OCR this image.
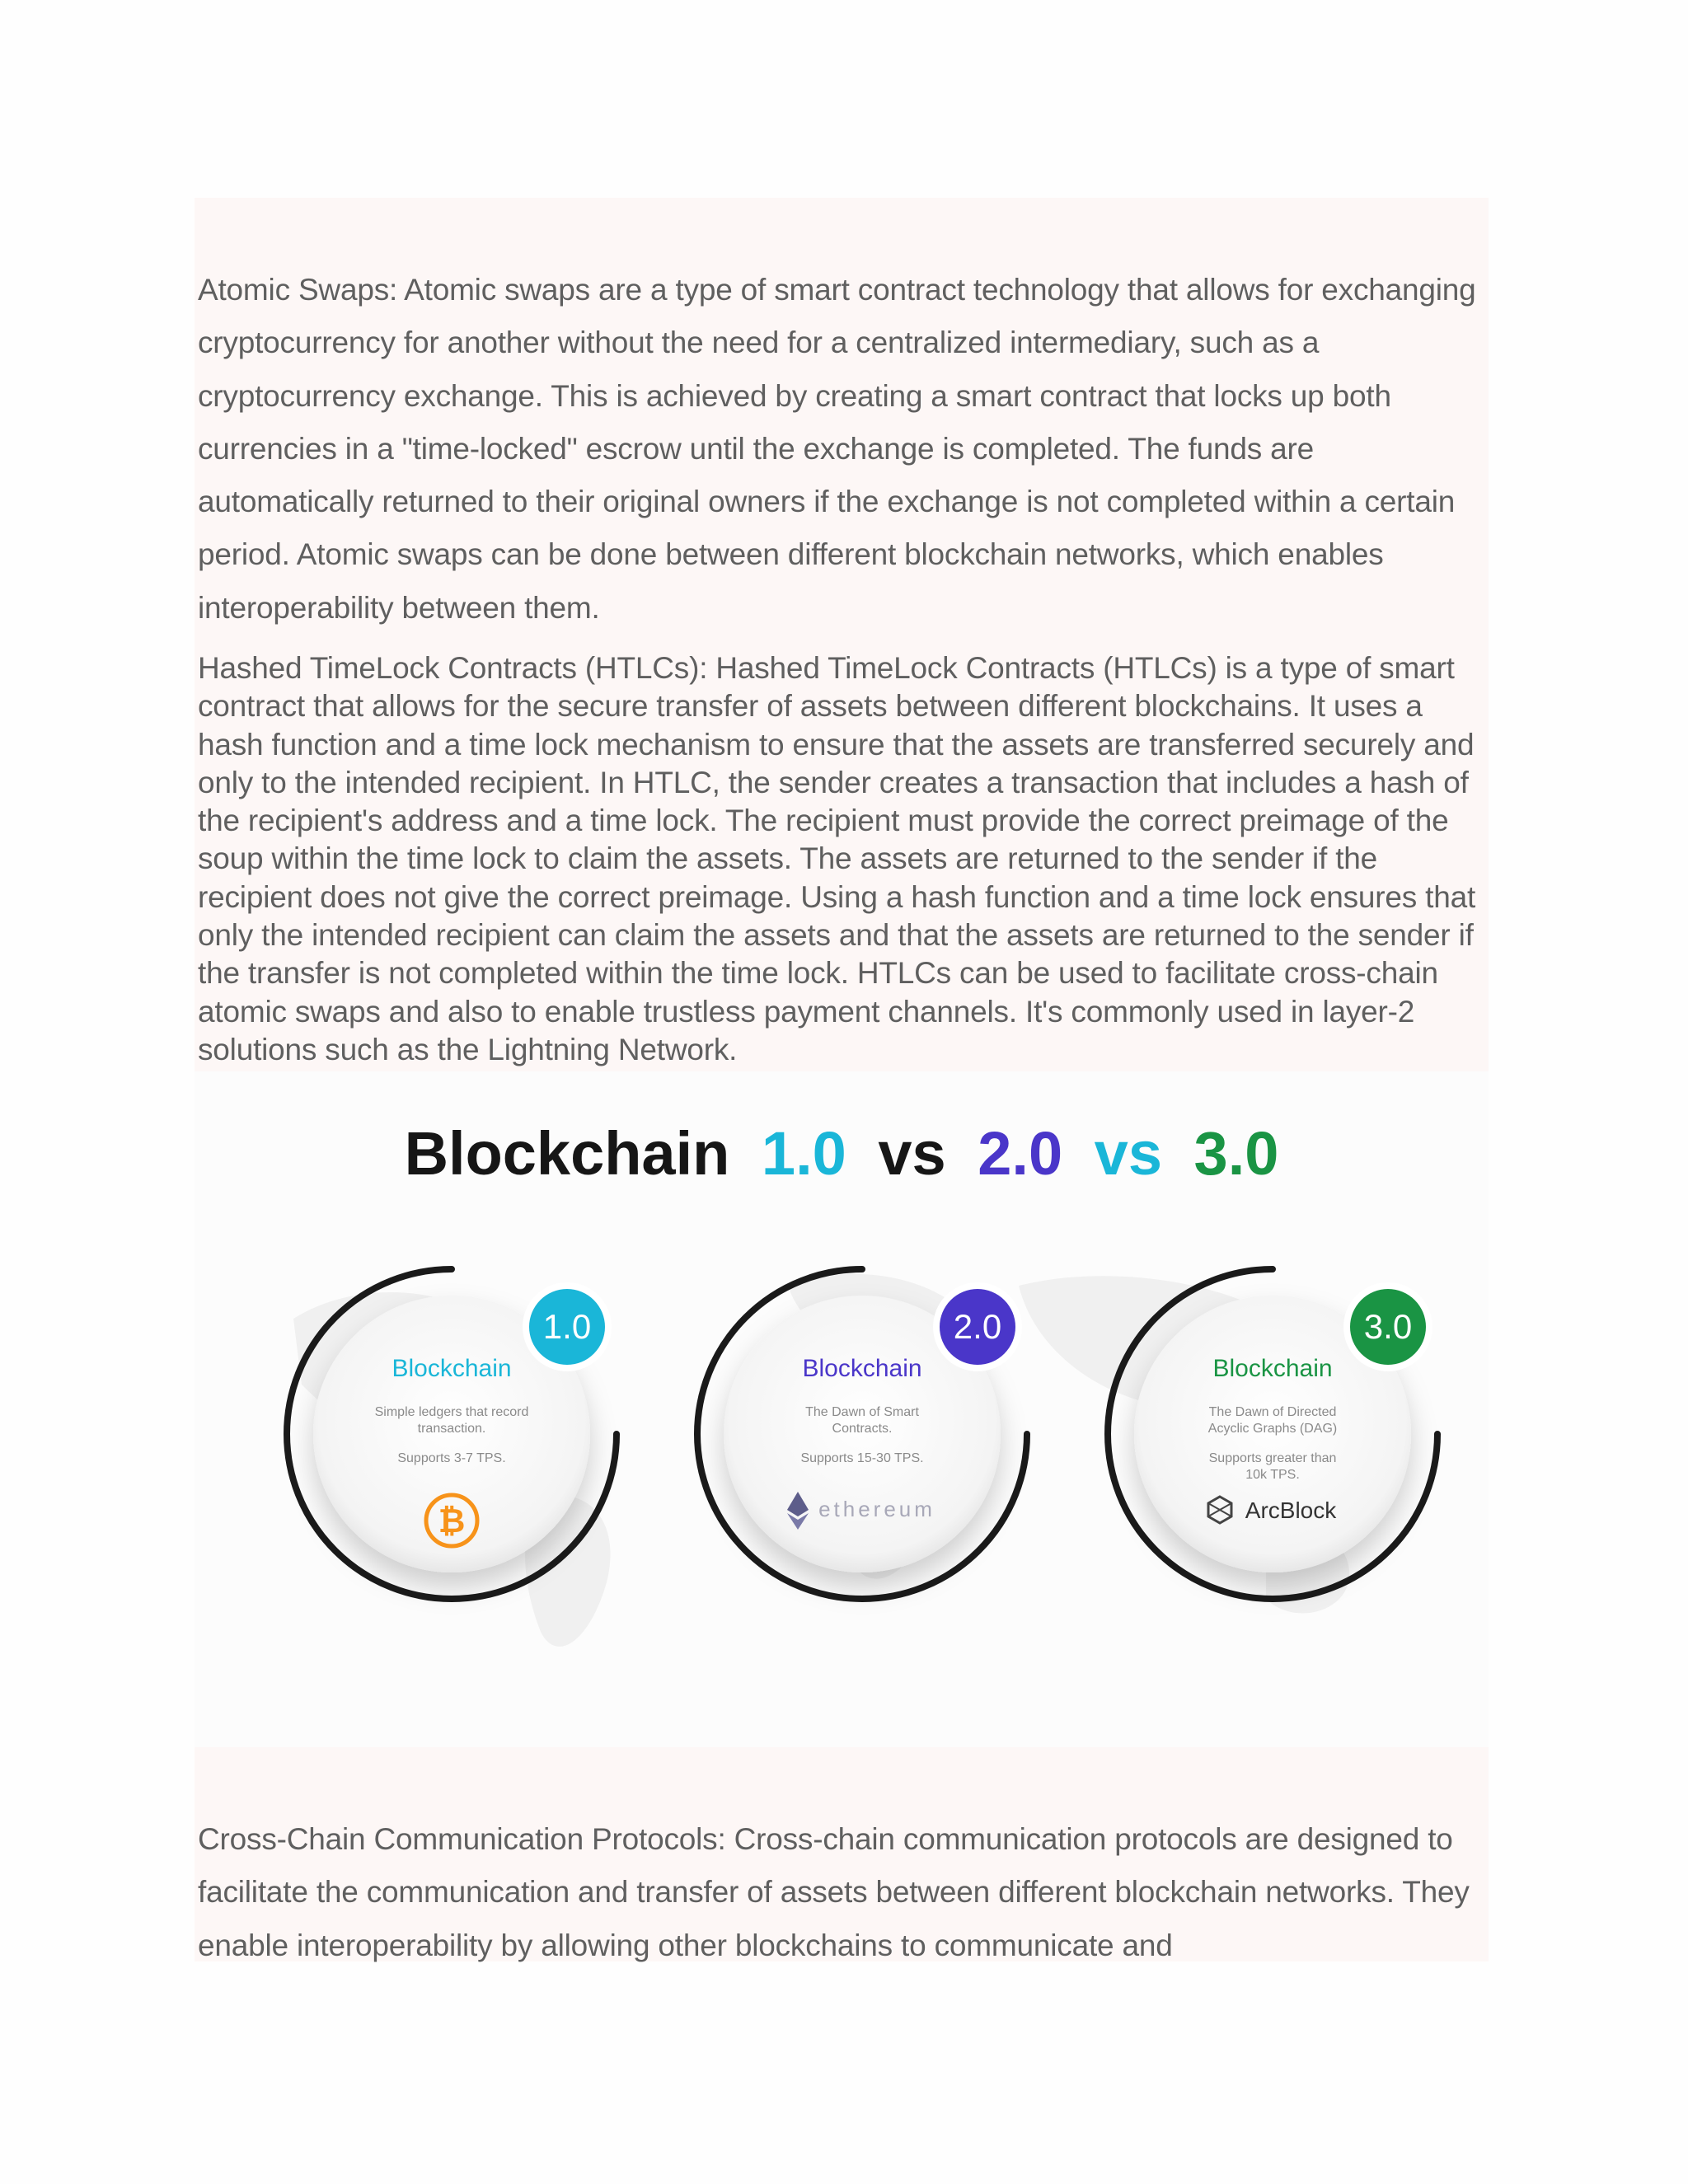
Atomic Swaps: Atomic swaps are a type of smart contract technology that allows for exchanging cryptocurrency for another without the need for a centralized intermediary, such as a cryptocurrency exchange. This is achieved by creating a smart contract that locks up both currencies in a "time-locked" escrow until the exchange is completed. The funds are automatically returned to their original owners if the exchange is not completed within a certain period. Atomic swaps can be done between different blockchain networks, which enables interoperability between them.

Hashed TimeLock Contracts (HTLCs): Hashed TimeLock Contracts (HTLCs) is a type of smart contract that allows for the secure transfer of assets between different blockchains. It uses a hash function and a time lock mechanism to ensure that the assets are transferred securely and only to the intended recipient. In HTLC, the sender creates a transaction that includes a hash of the recipient's address and a time lock. The recipient must provide the correct preimage of the soup within the time lock to claim the assets. The assets are returned to the sender if the recipient does not give the correct preimage. Using a hash function and a time lock ensures that only the intended recipient can claim the assets and that the assets are returned to the sender if the transfer is not completed within the time lock. HTLCs can be used to facilitate cross-chain atomic swaps and also to enable trustless payment channels. It's commonly used in layer-2 solutions such as the Lightning Network.

Blockchain 1.0 vs 2.0 vs 3.0
1.0
Blockchain
Simple ledgers that record
transaction.
Supports 3-7 TPS.
₿
2.0
Blockchain
The Dawn of Smart
Contracts.
Supports 15-30 TPS.
ethereum
3.0
Blockchain
The Dawn of Directed
Acyclic Graphs (DAG)
Supports greater than
10k TPS.
ArcBlock

Cross-Chain Communication Protocols: Cross-chain communication protocols are designed to facilitate the communication and transfer of assets between different blockchain networks. They enable interoperability by allowing other blockchains to communicate and
